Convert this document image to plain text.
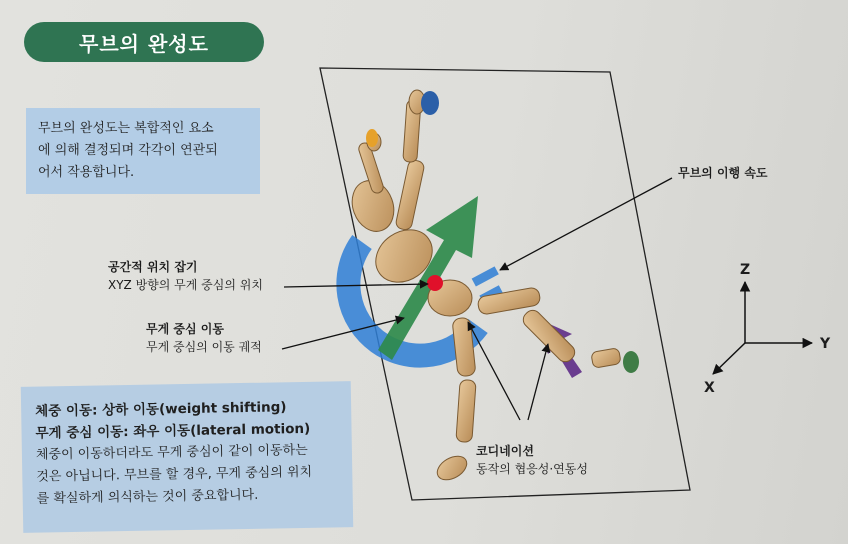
무브의 완성도
무브의 완성도는 복합적인 요소
에 의해 결정되며 각각이 연관되
어서 작용합니다.	무브의 이행 속도
공간적 위치 잡기
XYZ 방향의 무게 중심의 위치
무게 중심 이동
무게 중심의 이동 궤적
코디네이션
동작의 협응성·연동성
Z
Y
X
체중 이동: 상하 이동(weight shifting)
무게 중심 이동: 좌우 이동(lateral motion)
체중이 이동하더라도 무게 중심이 같이 이동하는
것은 아닙니다. 무브를 할 경우, 무게 중심의 위치
를 확실하게 의식하는 것이 중요합니다.
